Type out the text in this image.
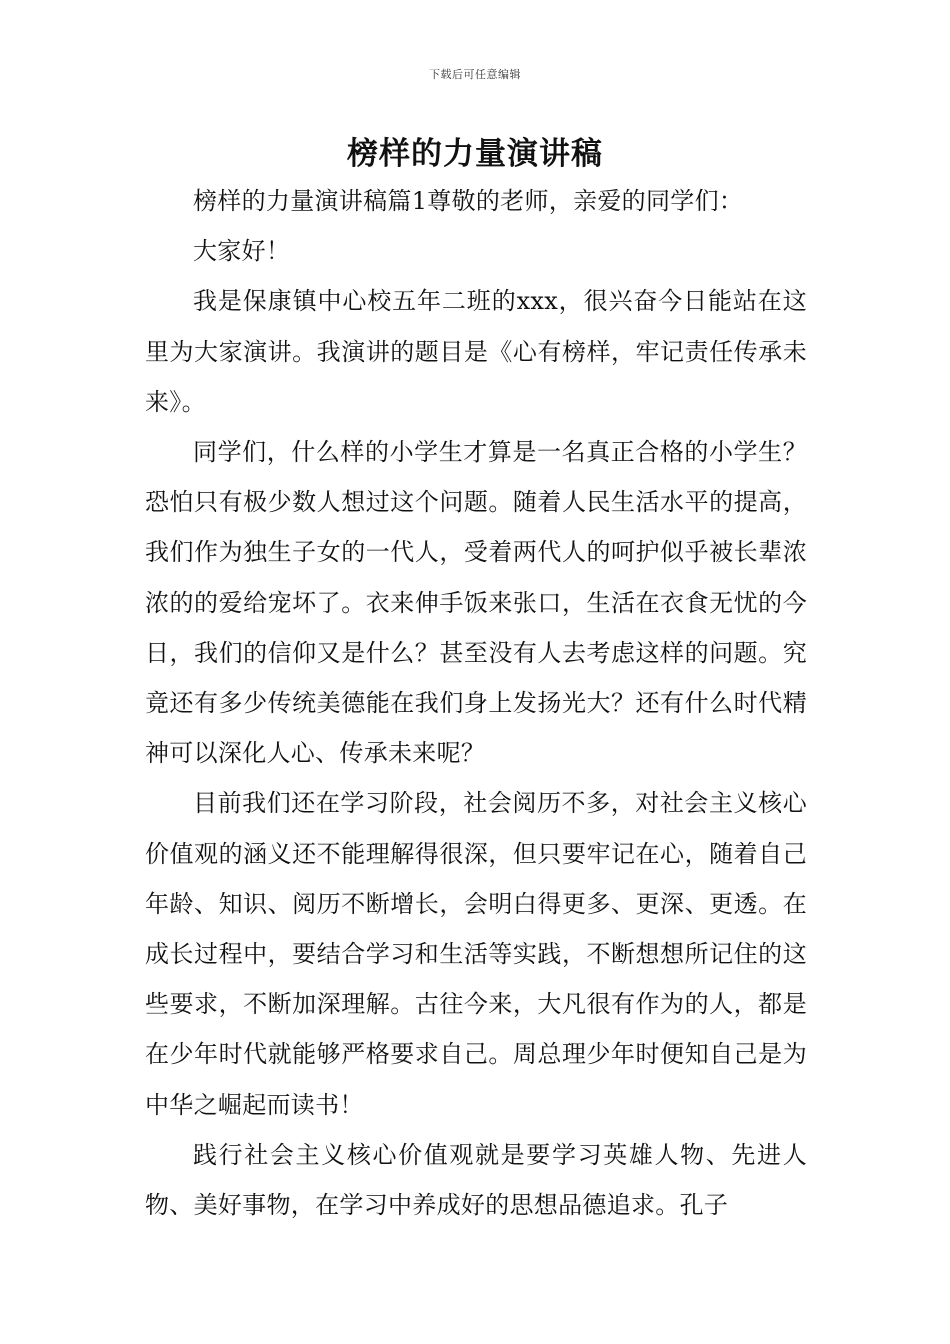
下载后可任意编辑
榜样的力量演讲稿

榜样的力量演讲稿篇1尊敬的老师，亲爱的同学们：

大家好！

我是保康镇中心校五年二班的xxx，很兴奋今日能站在这里为大家演讲。我演讲的题目是《心有榜样，牢记责任传承未来》。

同学们，什么样的小学生才算是一名真正合格的小学生？恐怕只有极少数人想过这个问题。随着人民生活水平的提高，我们作为独生子女的一代人，受着两代人的呵护似乎被长辈浓浓的的爱给宠坏了。衣来伸手饭来张口，生活在衣食无忧的今日，我们的信仰又是什么？甚至没有人去考虑这样的问题。究竟还有多少传统美德能在我们身上发扬光大？还有什么时代精神可以深化人心、传承未来呢？

目前我们还在学习阶段，社会阅历不多，对社会主义核心价值观的涵义还不能理解得很深，但只要牢记在心，随着自己年龄、知识、阅历不断增长，会明白得更多、更深、更透。在成长过程中，要结合学习和生活等实践，不断想想所记住的这些要求，不断加深理解。古往今来，大凡很有作为的人，都是在少年时代就能够严格要求自己。周总理少年时便知自己是为中华之崛起而读书！

践行社会主义核心价值观就是要学习英雄人物、先进人物、美好事物，在学习中养成好的思想品德追求。孔子
